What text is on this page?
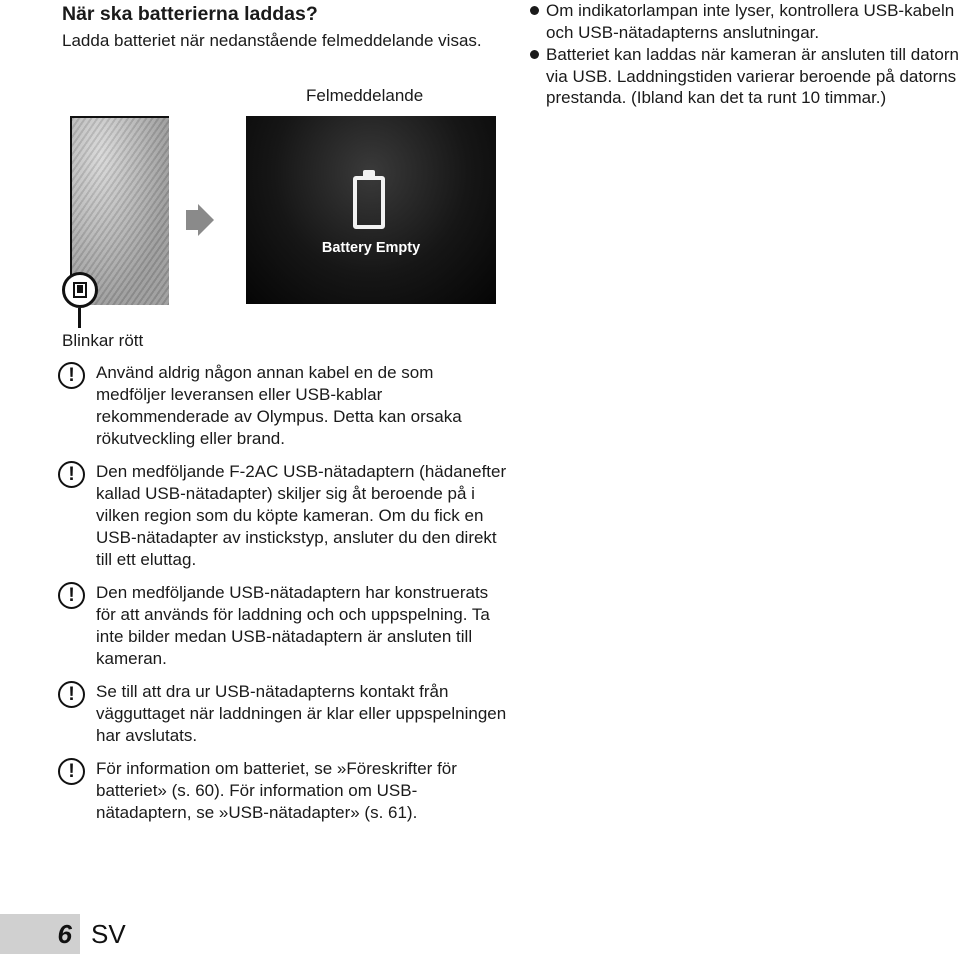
När ska batterierna laddas?
Ladda batteriet när nedanstående felmeddelande visas.
Felmeddelande
Om indikatorlampan inte lyser, kontrollera USB-kabeln och USB-nätadapterns anslutningar.
Batteriet kan laddas när kameran är ansluten till datorn via USB. Laddningstiden varierar beroende på datorns prestanda. (Ibland kan det ta runt 10 timmar.)
Battery Empty
Blinkar rött
!	Använd aldrig någon annan kabel en de som medföljer leveransen eller USB-kablar rekommenderade av Olympus. Detta kan orsaka rökutveckling eller brand.
!	Den medföljande F-2AC USB-nätadaptern (hädanefter kallad USB-nätadapter) skiljer sig åt beroende på i vilken region som du köpte kameran. Om du fick en USB-nätadapter av instickstyp, ansluter du den direkt till ett eluttag.
!	Den medföljande USB-nätadaptern har konstruerats för att används för laddning och och uppspelning. Ta inte bilder medan USB-nätadaptern är ansluten till kameran.
!	Se till att dra ur USB-nätadapterns kontakt från vägguttaget när laddningen är klar eller uppspelningen har avslutats.
!	För information om batteriet, se »Föreskrifter för batteriet» (s. 60). För information om USB-nätadaptern, se »USB-nätadapter» (s. 61).
6 SV
